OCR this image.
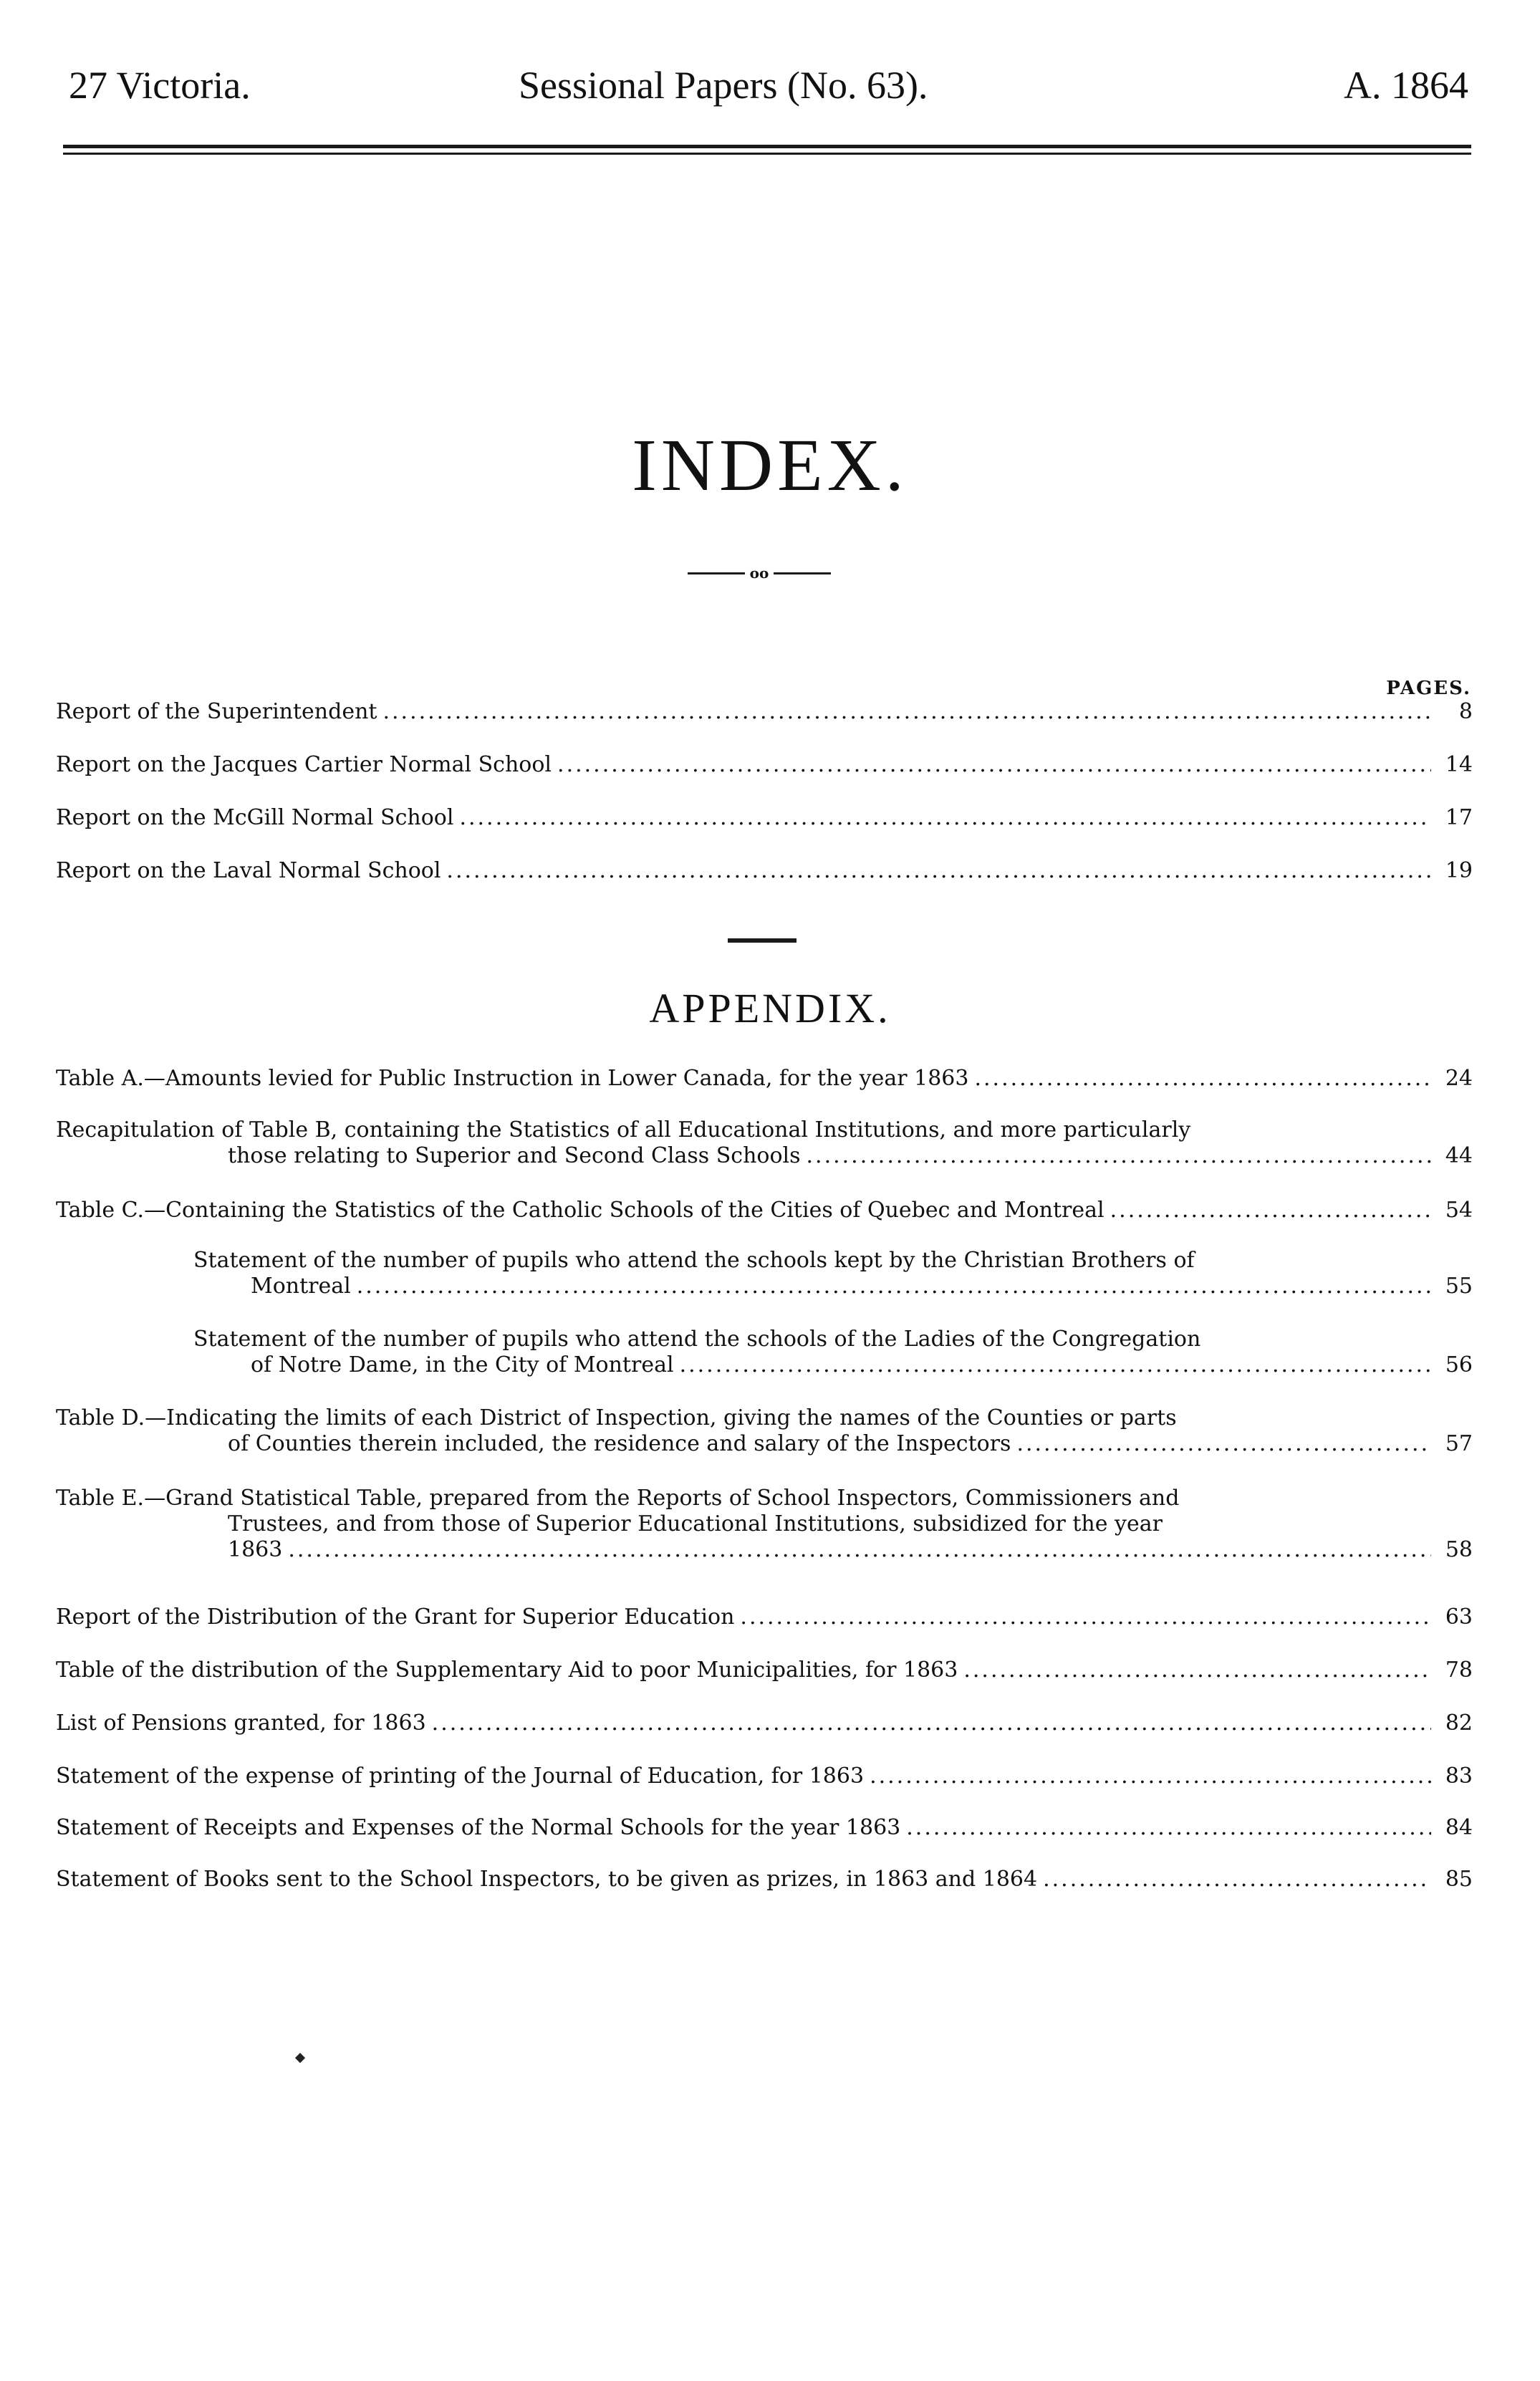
27 Victoria.	Sessional Papers (No. 63).	A. 1864
INDEX.
oo
PAGES.
Report of the Superintendent .....	8
Report on the Jacques Cartier Normal School .....	14
Report on the McGill Normal School .....	17
Report on the Laval Normal School .....	19
APPENDIX.
Table A.—Amounts levied for Public Instruction in Lower Canada, for the year 1863 .....	24
Recapitulation of Table B, containing the Statistics of all Educational Institutions, and more particularly
those relating to Superior and Second Class Schools .....	44
Table C.—Containing the Statistics of the Catholic Schools of the Cities of Quebec and Montreal .....	54
Statement of the number of pupils who attend the schools kept by the Christian Brothers of
Montreal .....	55
Statement of the number of pupils who attend the schools of the Ladies of the Congregation
of Notre Dame, in the City of Montreal .....	56
Table D.—Indicating the limits of each District of Inspection, giving the names of the Counties or parts
of Counties therein included, the residence and salary of the Inspectors .....	57
Table E.—Grand Statistical Table, prepared from the Reports of School Inspectors, Commissioners and
Trustees, and from those of Superior Educational Institutions, subsidized for the year
1863 .....	58
Report of the Distribution of the Grant for Superior Education .....	63
Table of the distribution of the Supplementary Aid to poor Municipalities, for 1863 .....	78
List of Pensions granted, for 1863 .....	82
Statement of the expense of printing of the Journal of Education, for 1863 .....	83
Statement of Receipts and Expenses of the Normal Schools for the year 1863 .....	84
Statement of Books sent to the School Inspectors, to be given as prizes, in 1863 and 1864 .....	85
